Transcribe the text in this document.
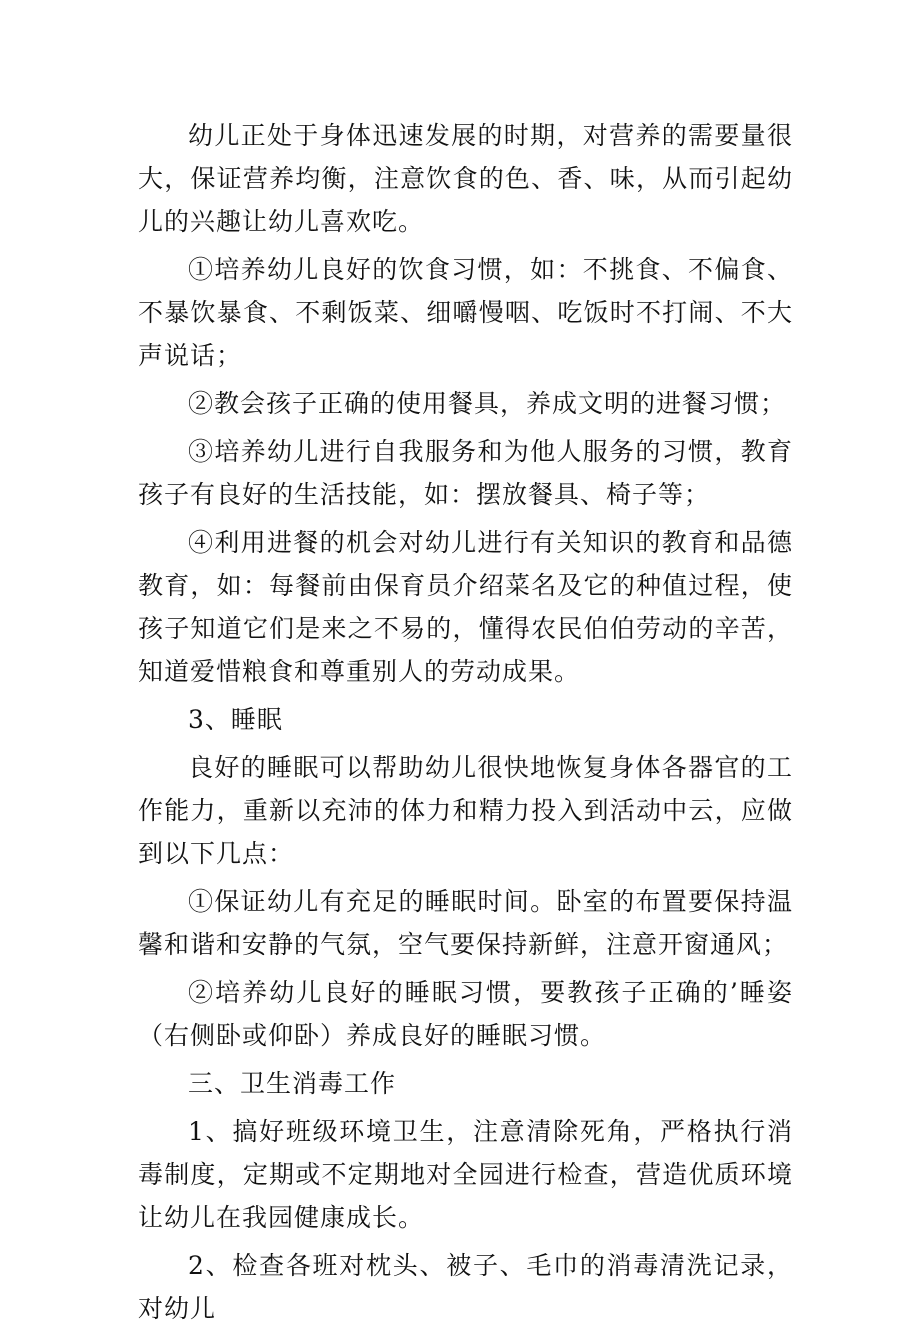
幼儿正处于身体迅速发展的时期，对营养的需要量很大，保证营养均衡，注意饮食的色、香、味，从而引起幼儿的兴趣让幼儿喜欢吃。

①培养幼儿良好的饮食习惯，如：不挑食、不偏食、不暴饮暴食、不剩饭菜、细嚼慢咽、吃饭时不打闹、不大声说话；

②教会孩子正确的使用餐具，养成文明的进餐习惯；

③培养幼儿进行自我服务和为他人服务的习惯，教育孩子有良好的生活技能，如：摆放餐具、椅子等；

④利用进餐的机会对幼儿进行有关知识的教育和品德教育，如：每餐前由保育员介绍菜名及它的种值过程，使孩子知道它们是来之不易的，懂得农民伯伯劳动的辛苦，知道爱惜粮食和尊重别人的劳动成果。

3、睡眠

良好的睡眠可以帮助幼儿很快地恢复身体各器官的工作能力，重新以充沛的体力和精力投入到活动中云，应做到以下几点：

①保证幼儿有充足的睡眠时间。卧室的布置要保持温馨和谐和安静的气氛，空气要保持新鲜，注意开窗通风；

②培养幼儿良好的睡眠习惯，要教孩子正确的’睡姿（右侧卧或仰卧）养成良好的睡眠习惯。

三、卫生消毒工作

1、搞好班级环境卫生，注意清除死角，严格执行消毒制度，定期或不定期地对全园进行检查，营造优质环境让幼儿在我园健康成长。

2、检查各班对枕头、被子、毛巾的消毒清洗记录，对幼儿
